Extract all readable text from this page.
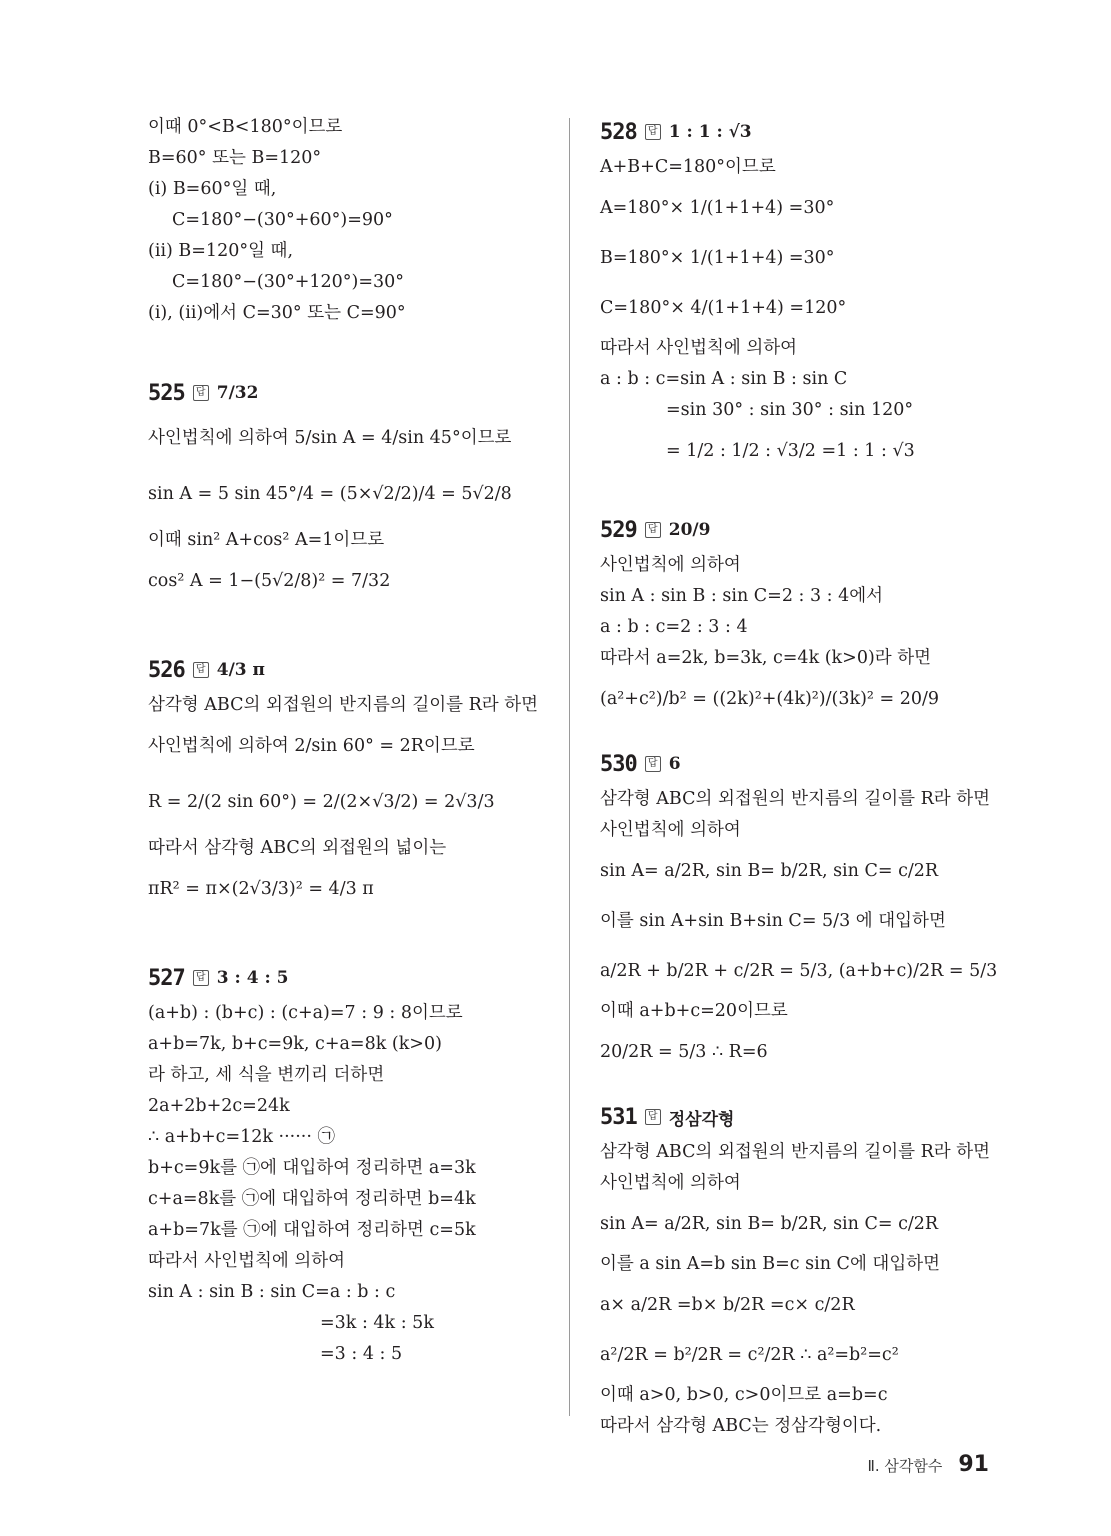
이때 0°<B<180°이므로
B=60° 또는 B=120°
(ⅰ) B=60°일 때,
C=180°−(30°+60°)=90°
(ⅱ) B=120°일 때,
C=180°−(30°+120°)=30°
(ⅰ), (ⅱ)에서 C=30° 또는 C=90°
525	답 7/32
사인법칙에 의하여 5/sin A = 4/sin 45°이므로
sin A = 5 sin 45°/4 = (5×√2/2)/4 = 5√2/8
이때 sin² A+cos² A=1이므로
cos² A = 1−(5√2/8)² = 7/32
526	답 4/3 π
삼각형 ABC의 외접원의 반지름의 길이를 R라 하면
사인법칙에 의하여 2/sin 60° = 2R이므로
R = 2/(2 sin 60°) = 2/(2×√3/2) = 2√3/3
따라서 삼각형 ABC의 외접원의 넓이는
πR² = π×(2√3/3)² = 4/3 π
527	답 3 : 4 : 5
(a+b) : (b+c) : (c+a)=7 : 9 : 8이므로
a+b=7k, b+c=9k, c+a=8k (k>0)
라 하고, 세 식을 변끼리 더하면
2a+2b+2c=24k
∴ a+b+c=12k ······ ㉠
b+c=9k를 ㉠에 대입하여 정리하면 a=3k
c+a=8k를 ㉠에 대입하여 정리하면 b=4k
a+b=7k를 ㉠에 대입하여 정리하면 c=5k
따라서 사인법칙에 의하여
sin A : sin B : sin C=a : b : c
=3k : 4k : 5k
=3 : 4 : 5
528	답 1 : 1 : √3
A+B+C=180°이므로
A=180°× 1/(1+1+4) =30°
B=180°× 1/(1+1+4) =30°
C=180°× 4/(1+1+4) =120°
따라서 사인법칙에 의하여
a : b : c=sin A : sin B : sin C
=sin 30° : sin 30° : sin 120°
= 1/2 : 1/2 : √3/2 =1 : 1 : √3
529	답 20/9
사인법칙에 의하여
sin A : sin B : sin C=2 : 3 : 4에서
a : b : c=2 : 3 : 4
따라서 a=2k, b=3k, c=4k (k>0)라 하면
(a²+c²)/b² = ((2k)²+(4k)²)/(3k)² = 20/9
530	답 6
삼각형 ABC의 외접원의 반지름의 길이를 R라 하면
사인법칙에 의하여
sin A= a/2R, sin B= b/2R, sin C= c/2R
이를 sin A+sin B+sin C= 5/3 에 대입하면
a/2R + b/2R + c/2R = 5/3, (a+b+c)/2R = 5/3
이때 a+b+c=20이므로
20/2R = 5/3 ∴ R=6
531	답 정삼각형
삼각형 ABC의 외접원의 반지름의 길이를 R라 하면
사인법칙에 의하여
sin A= a/2R, sin B= b/2R, sin C= c/2R
이를 a sin A=b sin B=c sin C에 대입하면
a× a/2R =b× b/2R =c× c/2R
a²/2R = b²/2R = c²/2R ∴ a²=b²=c²
이때 a>0, b>0, c>0이므로 a=b=c
따라서 삼각형 ABC는 정삼각형이다.
Ⅱ. 삼각함수 91
